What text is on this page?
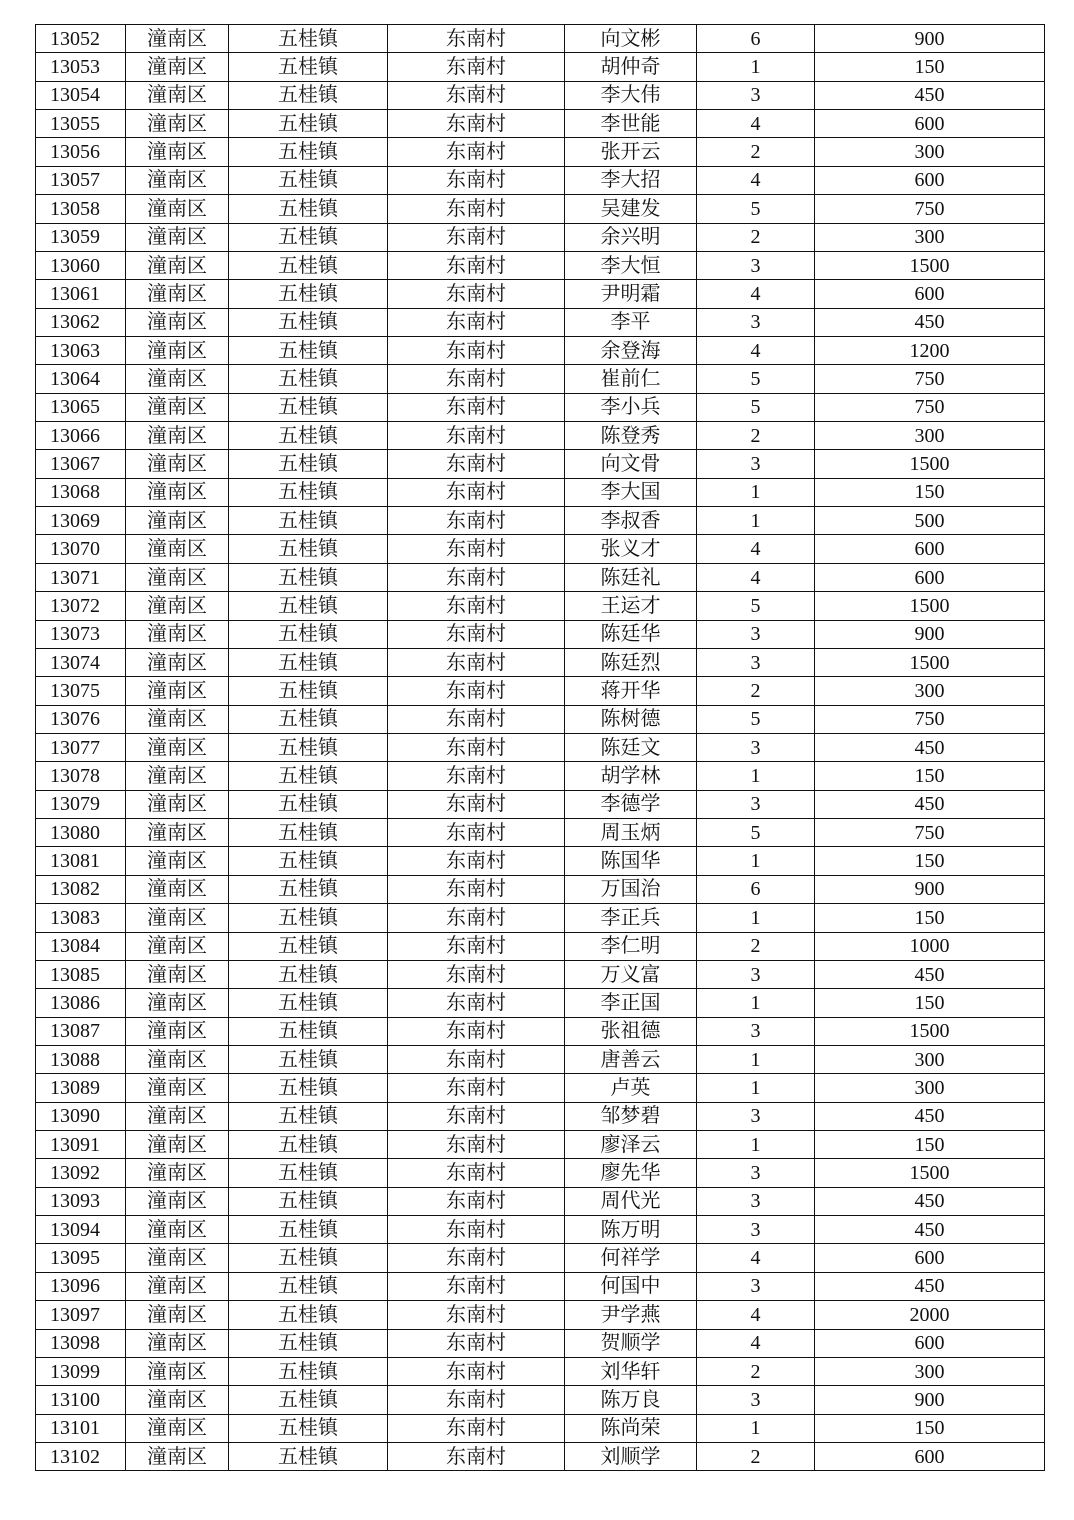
13052	潼南区	五桂镇	东南村	向文彬	6	900
13053	潼南区	五桂镇	东南村	胡仲奇	1	150
13054	潼南区	五桂镇	东南村	李大伟	3	450
13055	潼南区	五桂镇	东南村	李世能	4	600
13056	潼南区	五桂镇	东南村	张开云	2	300
13057	潼南区	五桂镇	东南村	李大招	4	600
13058	潼南区	五桂镇	东南村	吴建发	5	750
13059	潼南区	五桂镇	东南村	余兴明	2	300
13060	潼南区	五桂镇	东南村	李大恒	3	1500
13061	潼南区	五桂镇	东南村	尹明霜	4	600
13062	潼南区	五桂镇	东南村	李平	3	450
13063	潼南区	五桂镇	东南村	余登海	4	1200
13064	潼南区	五桂镇	东南村	崔前仁	5	750
13065	潼南区	五桂镇	东南村	李小兵	5	750
13066	潼南区	五桂镇	东南村	陈登秀	2	300
13067	潼南区	五桂镇	东南村	向文骨	3	1500
13068	潼南区	五桂镇	东南村	李大国	1	150
13069	潼南区	五桂镇	东南村	李叔香	1	500
13070	潼南区	五桂镇	东南村	张义才	4	600
13071	潼南区	五桂镇	东南村	陈廷礼	4	600
13072	潼南区	五桂镇	东南村	王运才	5	1500
13073	潼南区	五桂镇	东南村	陈廷华	3	900
13074	潼南区	五桂镇	东南村	陈廷烈	3	1500
13075	潼南区	五桂镇	东南村	蒋开华	2	300
13076	潼南区	五桂镇	东南村	陈树德	5	750
13077	潼南区	五桂镇	东南村	陈廷文	3	450
13078	潼南区	五桂镇	东南村	胡学林	1	150
13079	潼南区	五桂镇	东南村	李德学	3	450
13080	潼南区	五桂镇	东南村	周玉炳	5	750
13081	潼南区	五桂镇	东南村	陈国华	1	150
13082	潼南区	五桂镇	东南村	万国治	6	900
13083	潼南区	五桂镇	东南村	李正兵	1	150
13084	潼南区	五桂镇	东南村	李仁明	2	1000
13085	潼南区	五桂镇	东南村	万义富	3	450
13086	潼南区	五桂镇	东南村	李正国	1	150
13087	潼南区	五桂镇	东南村	张祖德	3	1500
13088	潼南区	五桂镇	东南村	唐善云	1	300
13089	潼南区	五桂镇	东南村	卢英	1	300
13090	潼南区	五桂镇	东南村	邹梦碧	3	450
13091	潼南区	五桂镇	东南村	廖泽云	1	150
13092	潼南区	五桂镇	东南村	廖先华	3	1500
13093	潼南区	五桂镇	东南村	周代光	3	450
13094	潼南区	五桂镇	东南村	陈万明	3	450
13095	潼南区	五桂镇	东南村	何祥学	4	600
13096	潼南区	五桂镇	东南村	何国中	3	450
13097	潼南区	五桂镇	东南村	尹学燕	4	2000
13098	潼南区	五桂镇	东南村	贺顺学	4	600
13099	潼南区	五桂镇	东南村	刘华轩	2	300
13100	潼南区	五桂镇	东南村	陈万良	3	900
13101	潼南区	五桂镇	东南村	陈尚荣	1	150
13102	潼南区	五桂镇	东南村	刘顺学	2	600
